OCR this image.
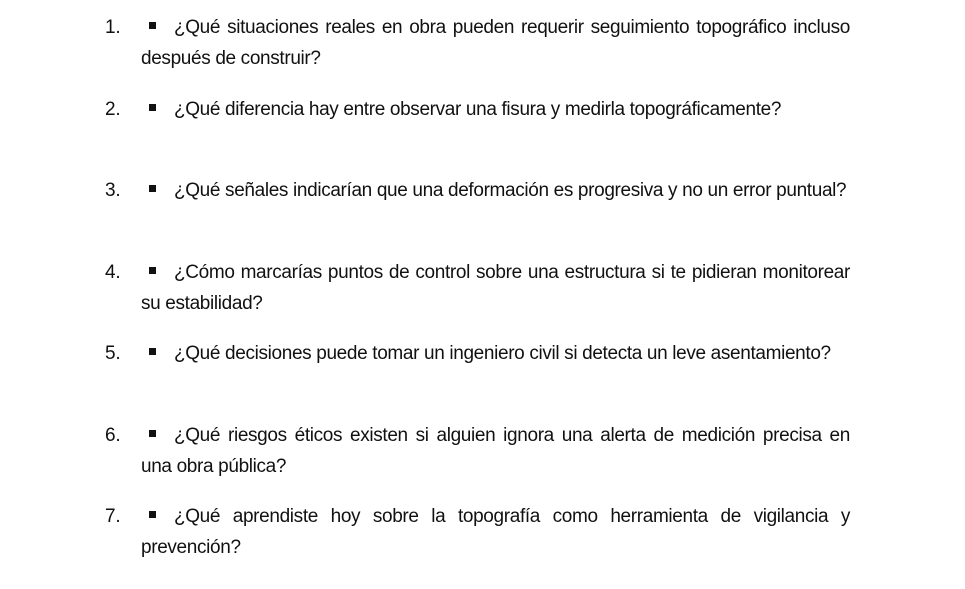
1.	¿Qué situaciones reales en obra pueden requerir seguimiento topográfico incluso después de construir?
2.	¿Qué diferencia hay entre observar una fisura y medirla topográficamente?
3.	¿Qué señales indicarían que una deformación es progresiva y no un error puntual?
4.	¿Cómo marcarías puntos de control sobre una estructura si te pidieran monitorear su estabilidad?
5.	¿Qué decisiones puede tomar un ingeniero civil si detecta un leve asentamiento?
6.	¿Qué riesgos éticos existen si alguien ignora una alerta de medición precisa en una obra pública?
7.	¿Qué aprendiste hoy sobre la topografía como herramienta de vigilancia y prevención?
